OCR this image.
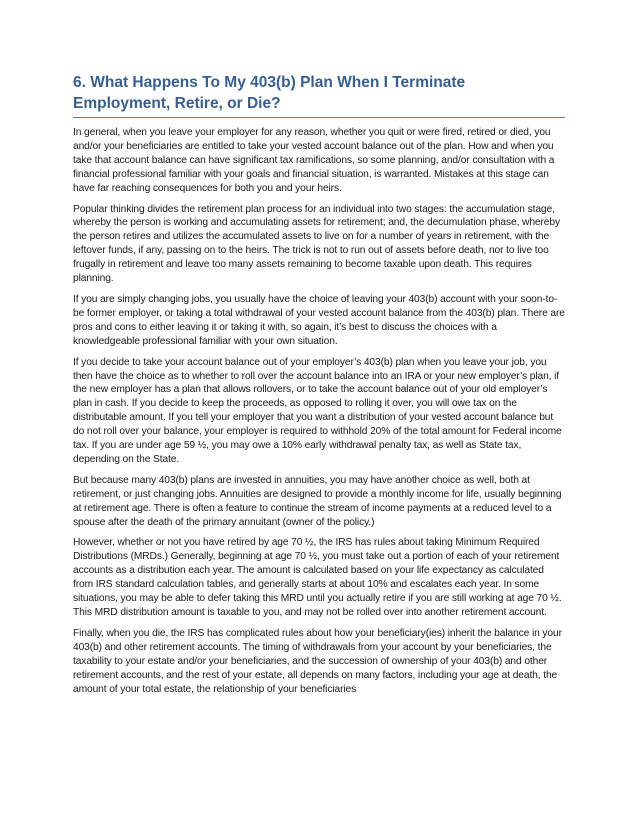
6. What Happens To My 403(b) Plan When I Terminate Employment, Retire, or Die?

In general, when you leave your employer for any reason, whether you quit or were fired, retired or died, you and/or your beneficiaries are entitled to take your vested account balance out of the plan. How and when you take that account balance can have significant tax ramifications, so some planning, and/or consultation with a financial professional familiar with your goals and financial situation, is warranted. Mistakes at this stage can have far reaching consequences for both you and your heirs.

Popular thinking divides the retirement plan process for an individual into two stages: the accumulation stage, whereby the person is working and accumulating assets for retirement; and, the decumulation phase, whereby the person retires and utilizes the accumulated assets to live on for a number of years in retirement, with the leftover funds, if any, passing on to the heirs. The trick is not to run out of assets before death, nor to live too frugally in retirement and leave too many assets remaining to become taxable upon death. This requires planning.

If you are simply changing jobs, you usually have the choice of leaving your 403(b) account with your soon-to-be former employer, or taking a total withdrawal of your vested account balance from the 403(b) plan. There are pros and cons to either leaving it or taking it with, so again, it’s best to discuss the choices with a knowledgeable professional familiar with your own situation.

If you decide to take your account balance out of your employer’s 403(b) plan when you leave your job, you then have the choice as to whether to roll over the account balance into an IRA or your new employer’s plan, if the new employer has a plan that allows rollovers, or to take the account balance out of your old employer’s plan in cash. If you decide to keep the proceeds, as opposed to rolling it over, you will owe tax on the distributable amount. If you tell your employer that you want a distribution of your vested account balance but do not roll over your balance, your employer is required to withhold 20% of the total amount for Federal income tax. If you are under age 59 ½, you may owe a 10% early withdrawal penalty tax, as well as State tax, depending on the State.

But because many 403(b) plans are invested in annuities, you may have another choice as well, both at retirement, or just changing jobs. Annuities are designed to provide a monthly income for life, usually beginning at retirement age. There is often a feature to continue the stream of income payments at a reduced level to a spouse after the death of the primary annuitant (owner of the policy.)

However, whether or not you have retired by age 70 ½, the IRS has rules about taking Minimum Required Distributions (MRDs.) Generally, beginning at age 70 ½, you must take out a portion of each of your retirement accounts as a distribution each year. The amount is calculated based on your life expectancy as calculated from IRS standard calculation tables, and generally starts at about 10% and escalates each year. In some situations, you may be able to defer taking this MRD until you actually retire if you are still working at age 70 ½. This MRD distribution amount is taxable to you, and may not be rolled over into another retirement account.

Finally, when you die, the IRS has complicated rules about how your beneficiary(ies) inherit the balance in your 403(b) and other retirement accounts. The timing of withdrawals from your account by your beneficiaries, the taxability to your estate and/or your beneficiaries, and the succession of ownership of your 403(b) and other retirement accounts, and the rest of your estate, all depends on many factors, including your age at death, the amount of your total estate, the relationship of your beneficiaries
